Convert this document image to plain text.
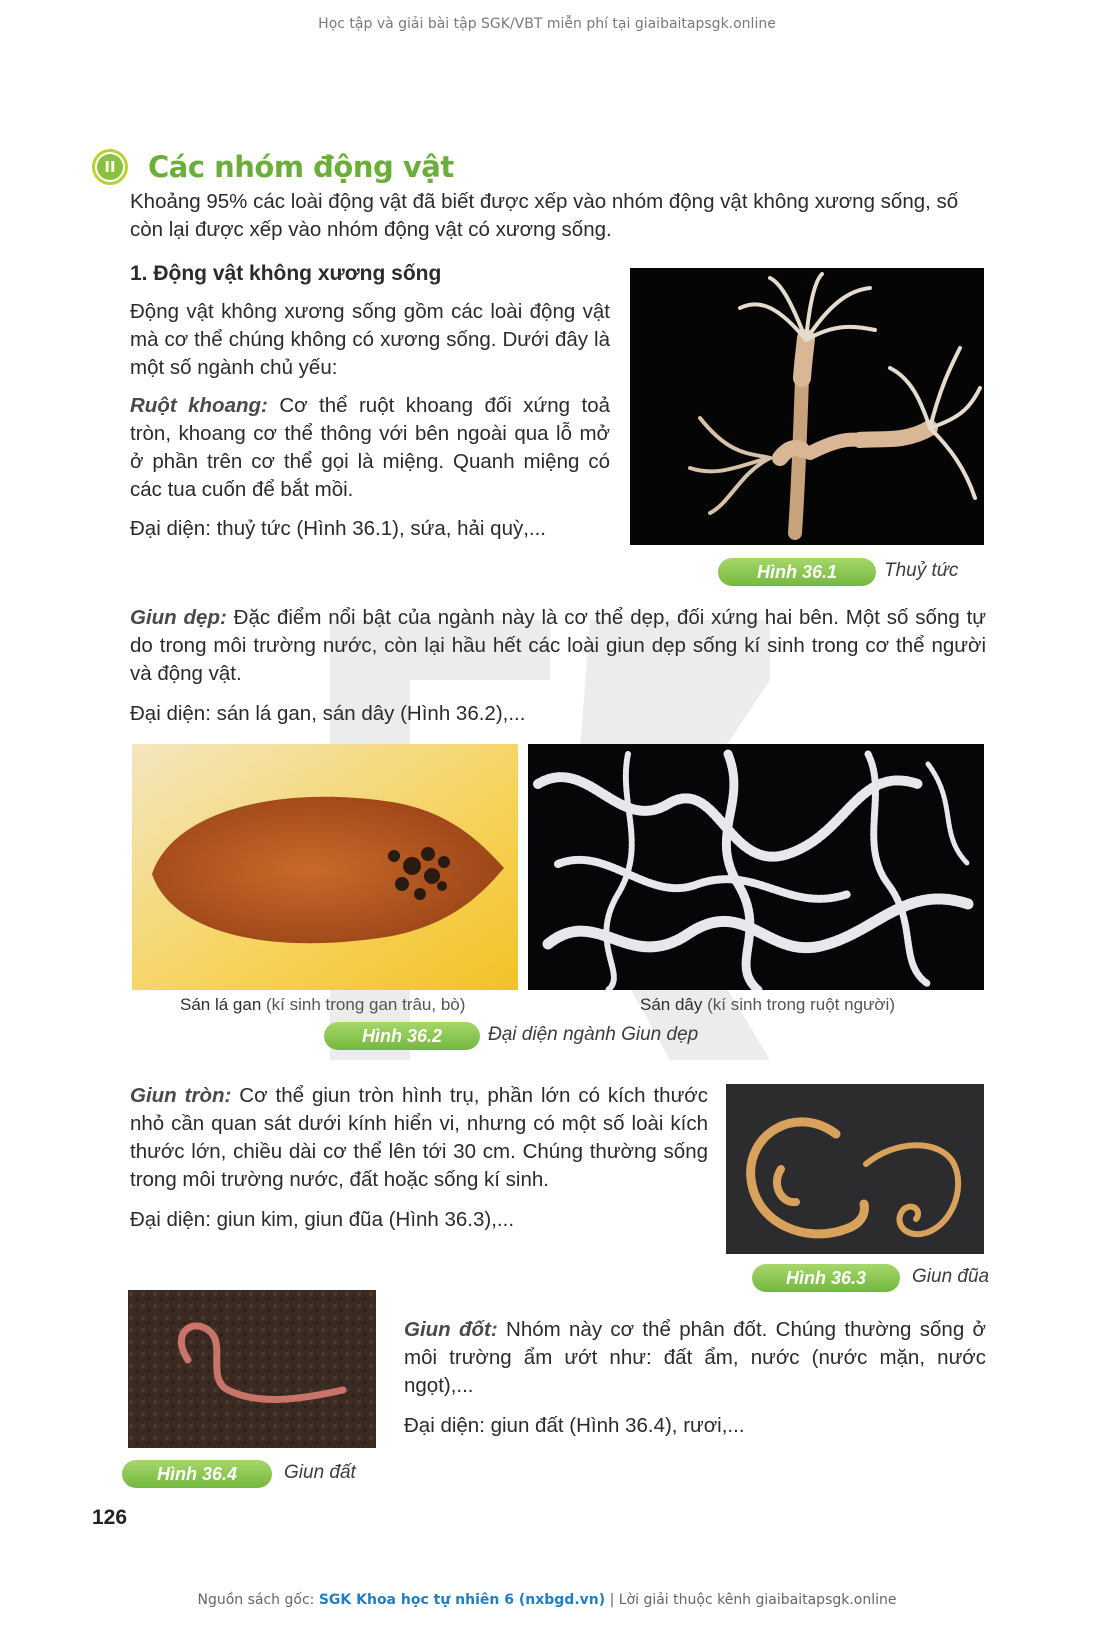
Học tập và giải bài tập SGK/VBT miễn phí tại giaibaitapsgk.online
II Các nhóm động vật
Khoảng 95% các loài động vật đã biết được xếp vào nhóm động vật không xương sống, số còn lại được xếp vào nhóm động vật có xương sống.
1. Động vật không xương sống
Động vật không xương sống gồm các loài động vật mà cơ thể chúng không có xương sống. Dưới đây là một số ngành chủ yếu:
Ruột khoang: Cơ thể ruột khoang đối xứng toả tròn, khoang cơ thể thông với bên ngoài qua lỗ mở ở phần trên cơ thể gọi là miệng. Quanh miệng có các tua cuốn để bắt mồi.
Đại diện: thuỷ tức (Hình 36.1), sứa, hải quỳ,...
Hình 36.1	Thuỷ tức
Giun dẹp: Đặc điểm nổi bật của ngành này là cơ thể dẹp, đối xứng hai bên. Một số sống tự do trong môi trường nước, còn lại hầu hết các loài giun dẹp sống kí sinh trong cơ thể người và động vật.
Đại diện: sán lá gan, sán dây (Hình 36.2),...
Sán lá gan (kí sinh trong gan trâu, bò)	Sán dây (kí sinh trong ruột người)
Hình 36.2	Đại diện ngành Giun dẹp
Giun tròn: Cơ thể giun tròn hình trụ, phần lớn có kích thước nhỏ cần quan sát dưới kính hiển vi, nhưng có một số loài kích thước lớn, chiều dài cơ thể lên tới 30 cm. Chúng thường sống trong môi trường nước, đất hoặc sống kí sinh.
Đại diện: giun kim, giun đũa (Hình 36.3),...
Hình 36.3	Giun đũa
Hình 36.4	Giun đất
Giun đốt: Nhóm này cơ thể phân đốt. Chúng thường sống ở môi trường ẩm ướt như: đất ẩm, nước (nước mặn, nước ngọt),...
Đại diện: giun đất (Hình 36.4), rươi,...
126
Nguồn sách gốc: SGK Khoa học tự nhiên 6 (nxbgd.vn) | Lời giải thuộc kênh giaibaitapsgk.online
